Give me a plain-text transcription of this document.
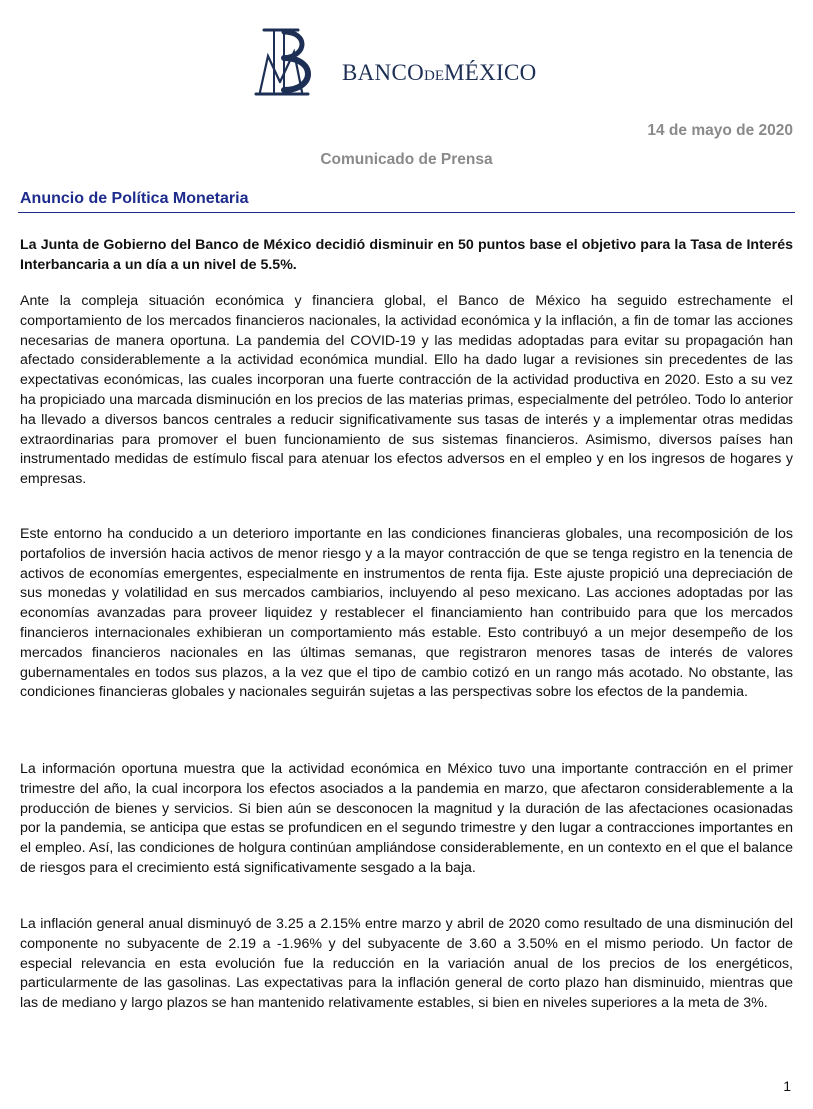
BANCODEMÉXICO
14 de mayo de 2020
Comunicado de Prensa
Anuncio de Política Monetaria

La Junta de Gobierno del Banco de México decidió disminuir en 50 puntos base el objetivo para la Tasa de Interés Interbancaria a un día a un nivel de 5.5%.

Ante la compleja situación económica y financiera global, el Banco de México ha seguido estrechamente el comportamiento de los mercados financieros nacionales, la actividad económica y la inflación, a fin de tomar las acciones necesarias de manera oportuna. La pandemia del COVID-19 y las medidas adoptadas para evitar su propagación han afectado considerablemente a la actividad económica mundial. Ello ha dado lugar a revisiones sin precedentes de las expectativas económicas, las cuales incorporan una fuerte contracción de la actividad productiva en 2020. Esto a su vez ha propiciado una marcada disminución en los precios de las materias primas, especialmente del petróleo. Todo lo anterior ha llevado a diversos bancos centrales a reducir significativamente sus tasas de interés y a implementar otras medidas extraordinarias para promover el buen funcionamiento de sus sistemas financieros. Asimismo, diversos países han instrumentado medidas de estímulo fiscal para atenuar los efectos adversos en el empleo y en los ingresos de hogares y empresas.

Este entorno ha conducido a un deterioro importante en las condiciones financieras globales, una recomposición de los portafolios de inversión hacia activos de menor riesgo y a la mayor contracción de que se tenga registro en la tenencia de activos de economías emergentes, especialmente en instrumentos de renta fija. Este ajuste propició una depreciación de sus monedas y volatilidad en sus mercados cambiarios, incluyendo al peso mexicano. Las acciones adoptadas por las economías avanzadas para proveer liquidez y restablecer el financiamiento han contribuido para que los mercados financieros internacionales exhibieran un comportamiento más estable. Esto contribuyó a un mejor desempeño de los mercados financieros nacionales en las últimas semanas, que registraron menores tasas de interés de valores gubernamentales en todos sus plazos, a la vez que el tipo de cambio cotizó en un rango más acotado. No obstante, las condiciones financieras globales y nacionales seguirán sujetas a las perspectivas sobre los efectos de la pandemia.

La información oportuna muestra que la actividad económica en México tuvo una importante contracción en el primer trimestre del año, la cual incorpora los efectos asociados a la pandemia en marzo, que afectaron considerablemente a la producción de bienes y servicios. Si bien aún se desconocen la magnitud y la duración de las afectaciones ocasionadas por la pandemia, se anticipa que estas se profundicen en el segundo trimestre y den lugar a contracciones importantes en el empleo. Así, las condiciones de holgura continúan ampliándose considerablemente, en un contexto en el que el balance de riesgos para el crecimiento está significativamente sesgado a la baja.

La inflación general anual disminuyó de 3.25 a 2.15% entre marzo y abril de 2020 como resultado de una disminución del componente no subyacente de 2.19 a -1.96% y del subyacente de 3.60 a 3.50% en el mismo periodo. Un factor de especial relevancia en esta evolución fue la reducción en la variación anual de los precios de los energéticos, particularmente de las gasolinas. Las expectativas para la inflación general de corto plazo han disminuido, mientras que las de mediano y largo plazos se han mantenido relativamente estables, si bien en niveles superiores a la meta de 3%.

1
